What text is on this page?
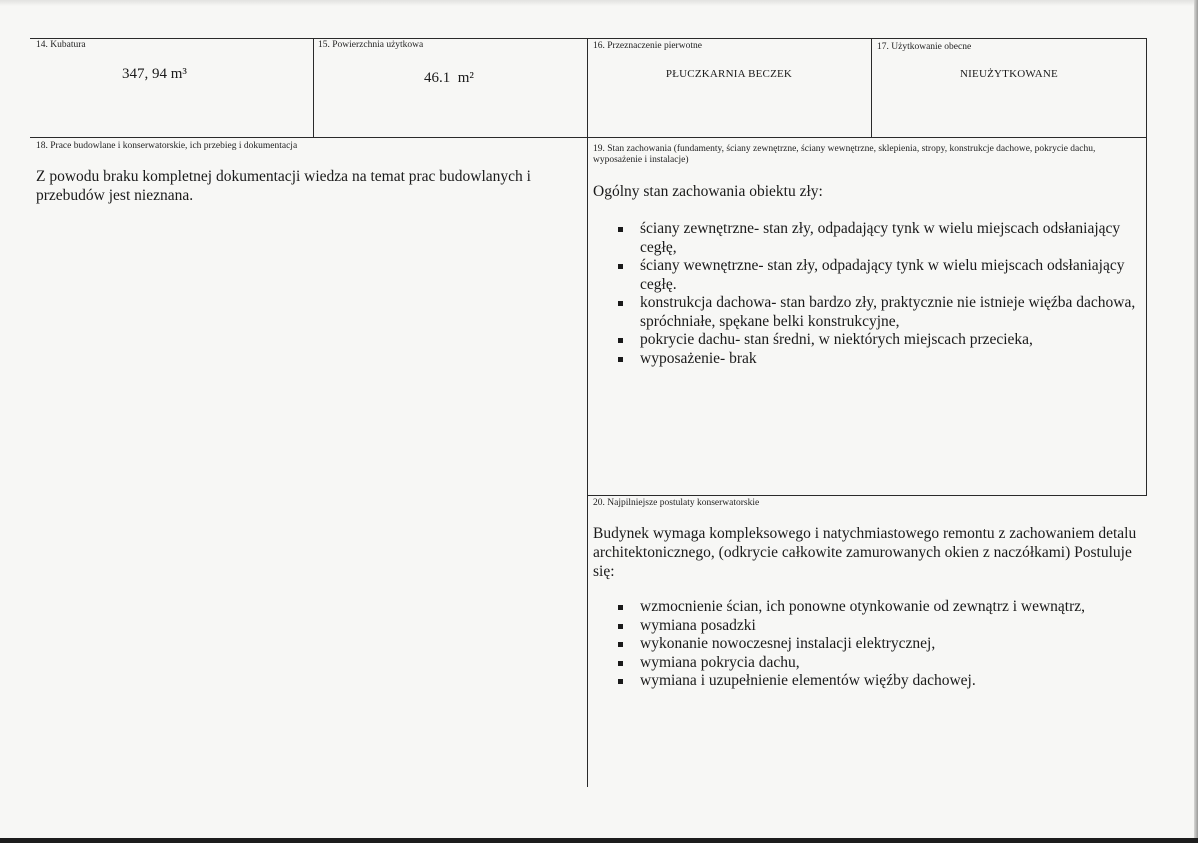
14. Kubatura
347, 94 m³
15. Powierzchnia użytkowa
46.1 m²
16. Przeznaczenie pierwotne
PŁUCZKARNIA BECZEK
17. Użytkowanie obecne
NIEUŻYTKOWANE
18. Prace budowlane i konserwatorskie, ich przebieg i dokumentacja
Z powodu braku kompletnej dokumentacji wiedza na temat prac budowlanych i przebudów jest nieznana.
19. Stan zachowania (fundamenty, ściany zewnętrzne, ściany wewnętrzne, sklepienia, stropy, konstrukcje dachowe, pokrycie dachu, wyposażenie i instalacje)
Ogólny stan zachowania obiektu zły:
ściany zewnętrzne- stan zły, odpadający tynk w wielu miejscach odsłaniający cegłę,
ściany wewnętrzne- stan zły, odpadający tynk w wielu miejscach odsłaniający cegłę.
konstrukcja dachowa- stan bardzo zły, praktycznie nie istnieje więźba dachowa, spróchniałe, spękane belki konstrukcyjne,
pokrycie dachu- stan średni, w niektórych miejscach przecieka,
wyposażenie- brak
20. Najpilniejsze postulaty konserwatorskie
Budynek wymaga kompleksowego i natychmiastowego remontu z zachowaniem detalu architektonicznego, (odkrycie całkowite zamurowanych okien z naczółkami) Postuluje się:
wzmocnienie ścian, ich ponowne otynkowanie od zewnątrz i wewnątrz,
wymiana posadzki
wykonanie nowoczesnej instalacji elektrycznej,
wymiana pokrycia dachu,
wymiana i uzupełnienie elementów więźby dachowej.
